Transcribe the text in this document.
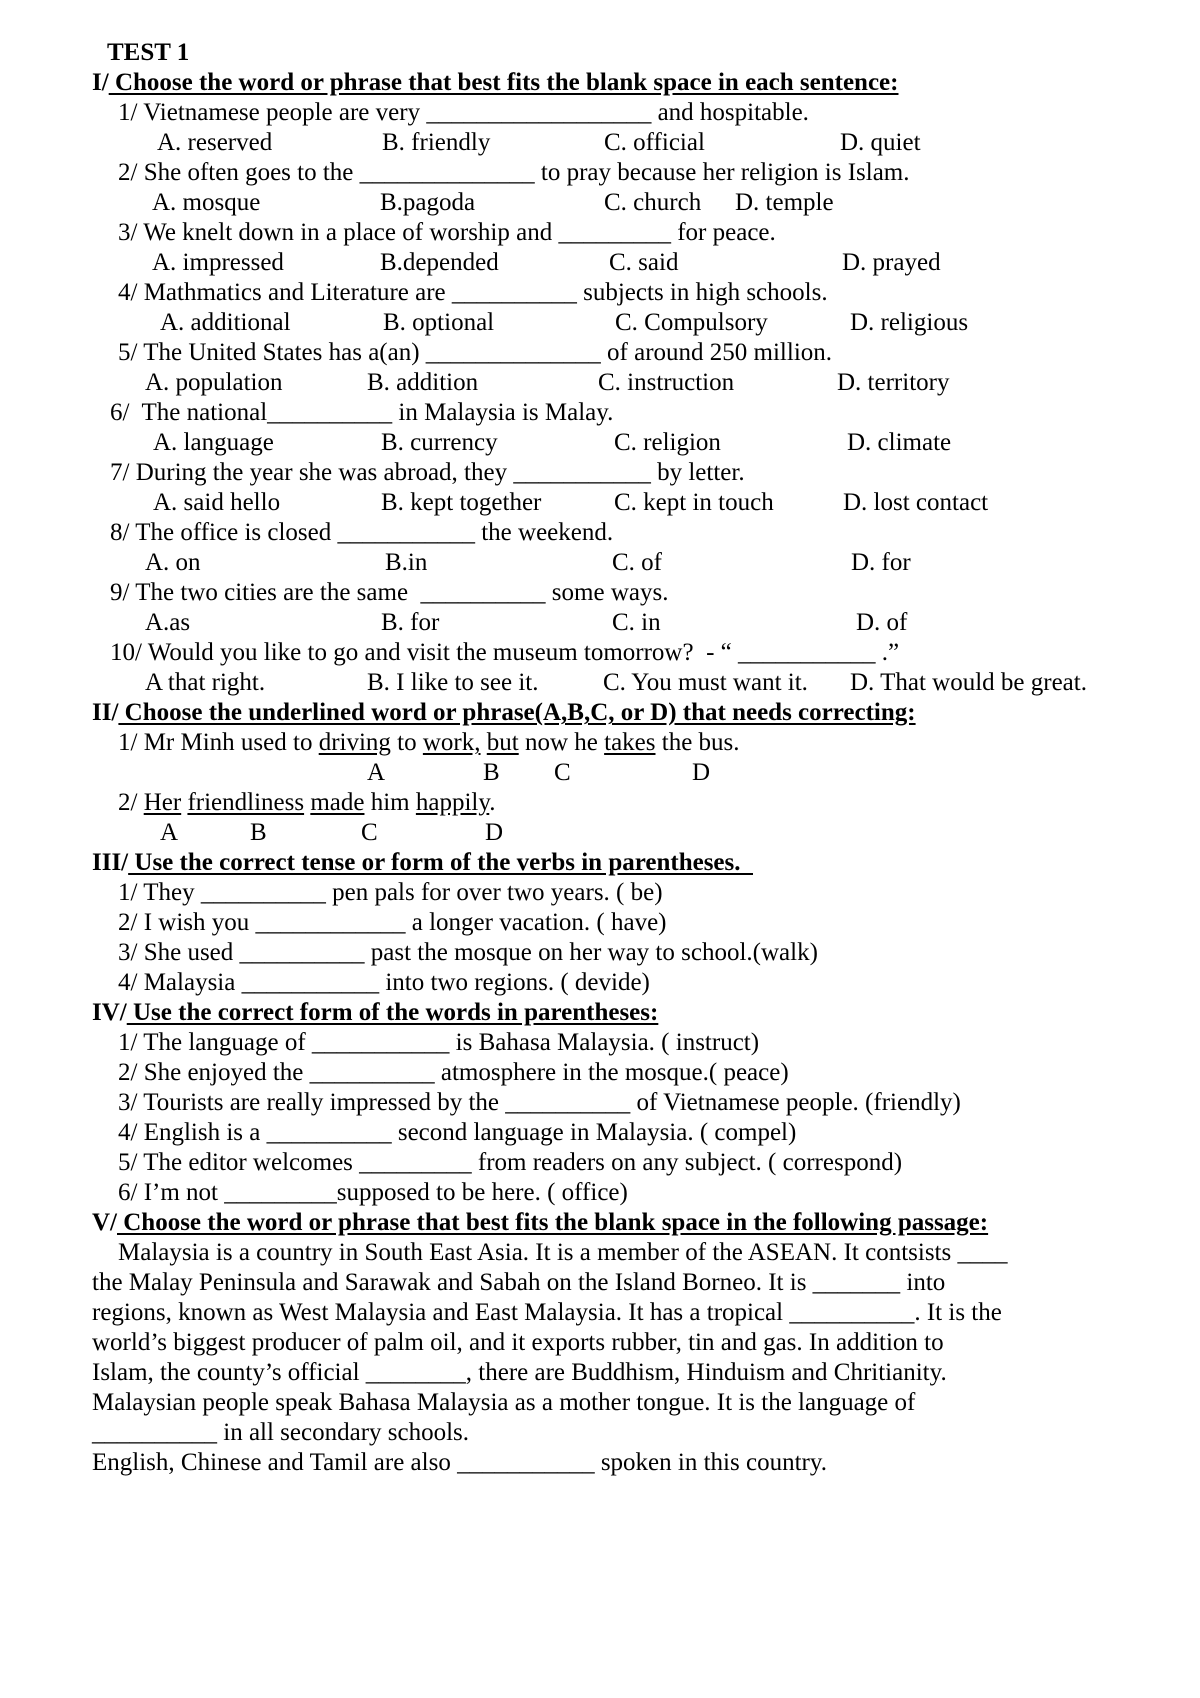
TEST 1
I/ Choose the word or phrase that best fits the blank space in each sentence:
1/ Vietnamese people are very __________________ and hospitable.
A. reserved	B. friendly	C. official	D. quiet
2/ She often goes to the ______________ to pray because her religion is Islam.
A. mosque	B.pagoda	C. church D. temple
3/ We knelt down in a place of worship and _________ for peace.
A. impressed	B.depended	C. said	D. prayed
4/ Mathmatics and Literature are __________ subjects in high schools.
A. additional	B. optional	C. Compulsory	D. religious
5/ The United States has a(an) ______________ of around 250 million.
A. population	B. addition	C. instruction	D. territory
6/  The national__________ in Malaysia is Malay.
A. language	B. currency	C. religion	D. climate
7/ During the year she was abroad, they ___________ by letter.
A. said hello	B. kept together	C. kept in touch	D. lost contact
8/ The office is closed ___________ the weekend.
A. on	B.in	C. of	D. for
9/ The two cities are the same  __________ some ways.
A.as	B. for	C. in	D. of
10/ Would you like to go and visit the museum tomorrow?  - “ ___________ .”
A that right.	B. I like to see it.	C. You must want it. D. That would be great.
II/ Choose the underlined word or phrase(A,B,C, or D) that needs correcting:
1/ Mr Minh used to driving to work, but now he takes the bus.
A	B C	D
2/ Her friendliness made him happily.
A	B	C	D
III/ Use the correct tense or form of the verbs in parentheses.
1/ They __________ pen pals for over two years. ( be)
2/ I wish you ____________ a longer vacation. ( have)
3/ She used __________ past the mosque on her way to school.(walk)
4/ Malaysia ___________ into two regions. ( devide)
IV/ Use the correct form of the words in parentheses:
1/ The language of ___________ is Bahasa Malaysia. ( instruct)
2/ She enjoyed the __________ atmosphere in the mosque.( peace)
3/ Tourists are really impressed by the __________ of Vietnamese people. (friendly)
4/ English is a __________ second language in Malaysia. ( compel)
5/ The editor welcomes _________ from readers on any subject. ( correspond)
6/ I’m not _________supposed to be here. ( office)
V/ Choose the word or phrase that best fits the blank space in the following passage:
Malaysia is a country in South East Asia. It is a member of the ASEAN. It contsists ____
the Malay Peninsula and Sarawak and Sabah on the Island Borneo. It is _______ into
regions, known as West Malaysia and East Malaysia. It has a tropical __________. It is the
world’s biggest producer of palm oil, and it exports rubber, tin and gas. In addition to
Islam, the county’s official ________, there are Buddhism, Hinduism and Chritianity.
Malaysian people speak Bahasa Malaysia as a mother tongue. It is the language of
__________ in all secondary schools.
English, Chinese and Tamil are also ___________ spoken in this country.
